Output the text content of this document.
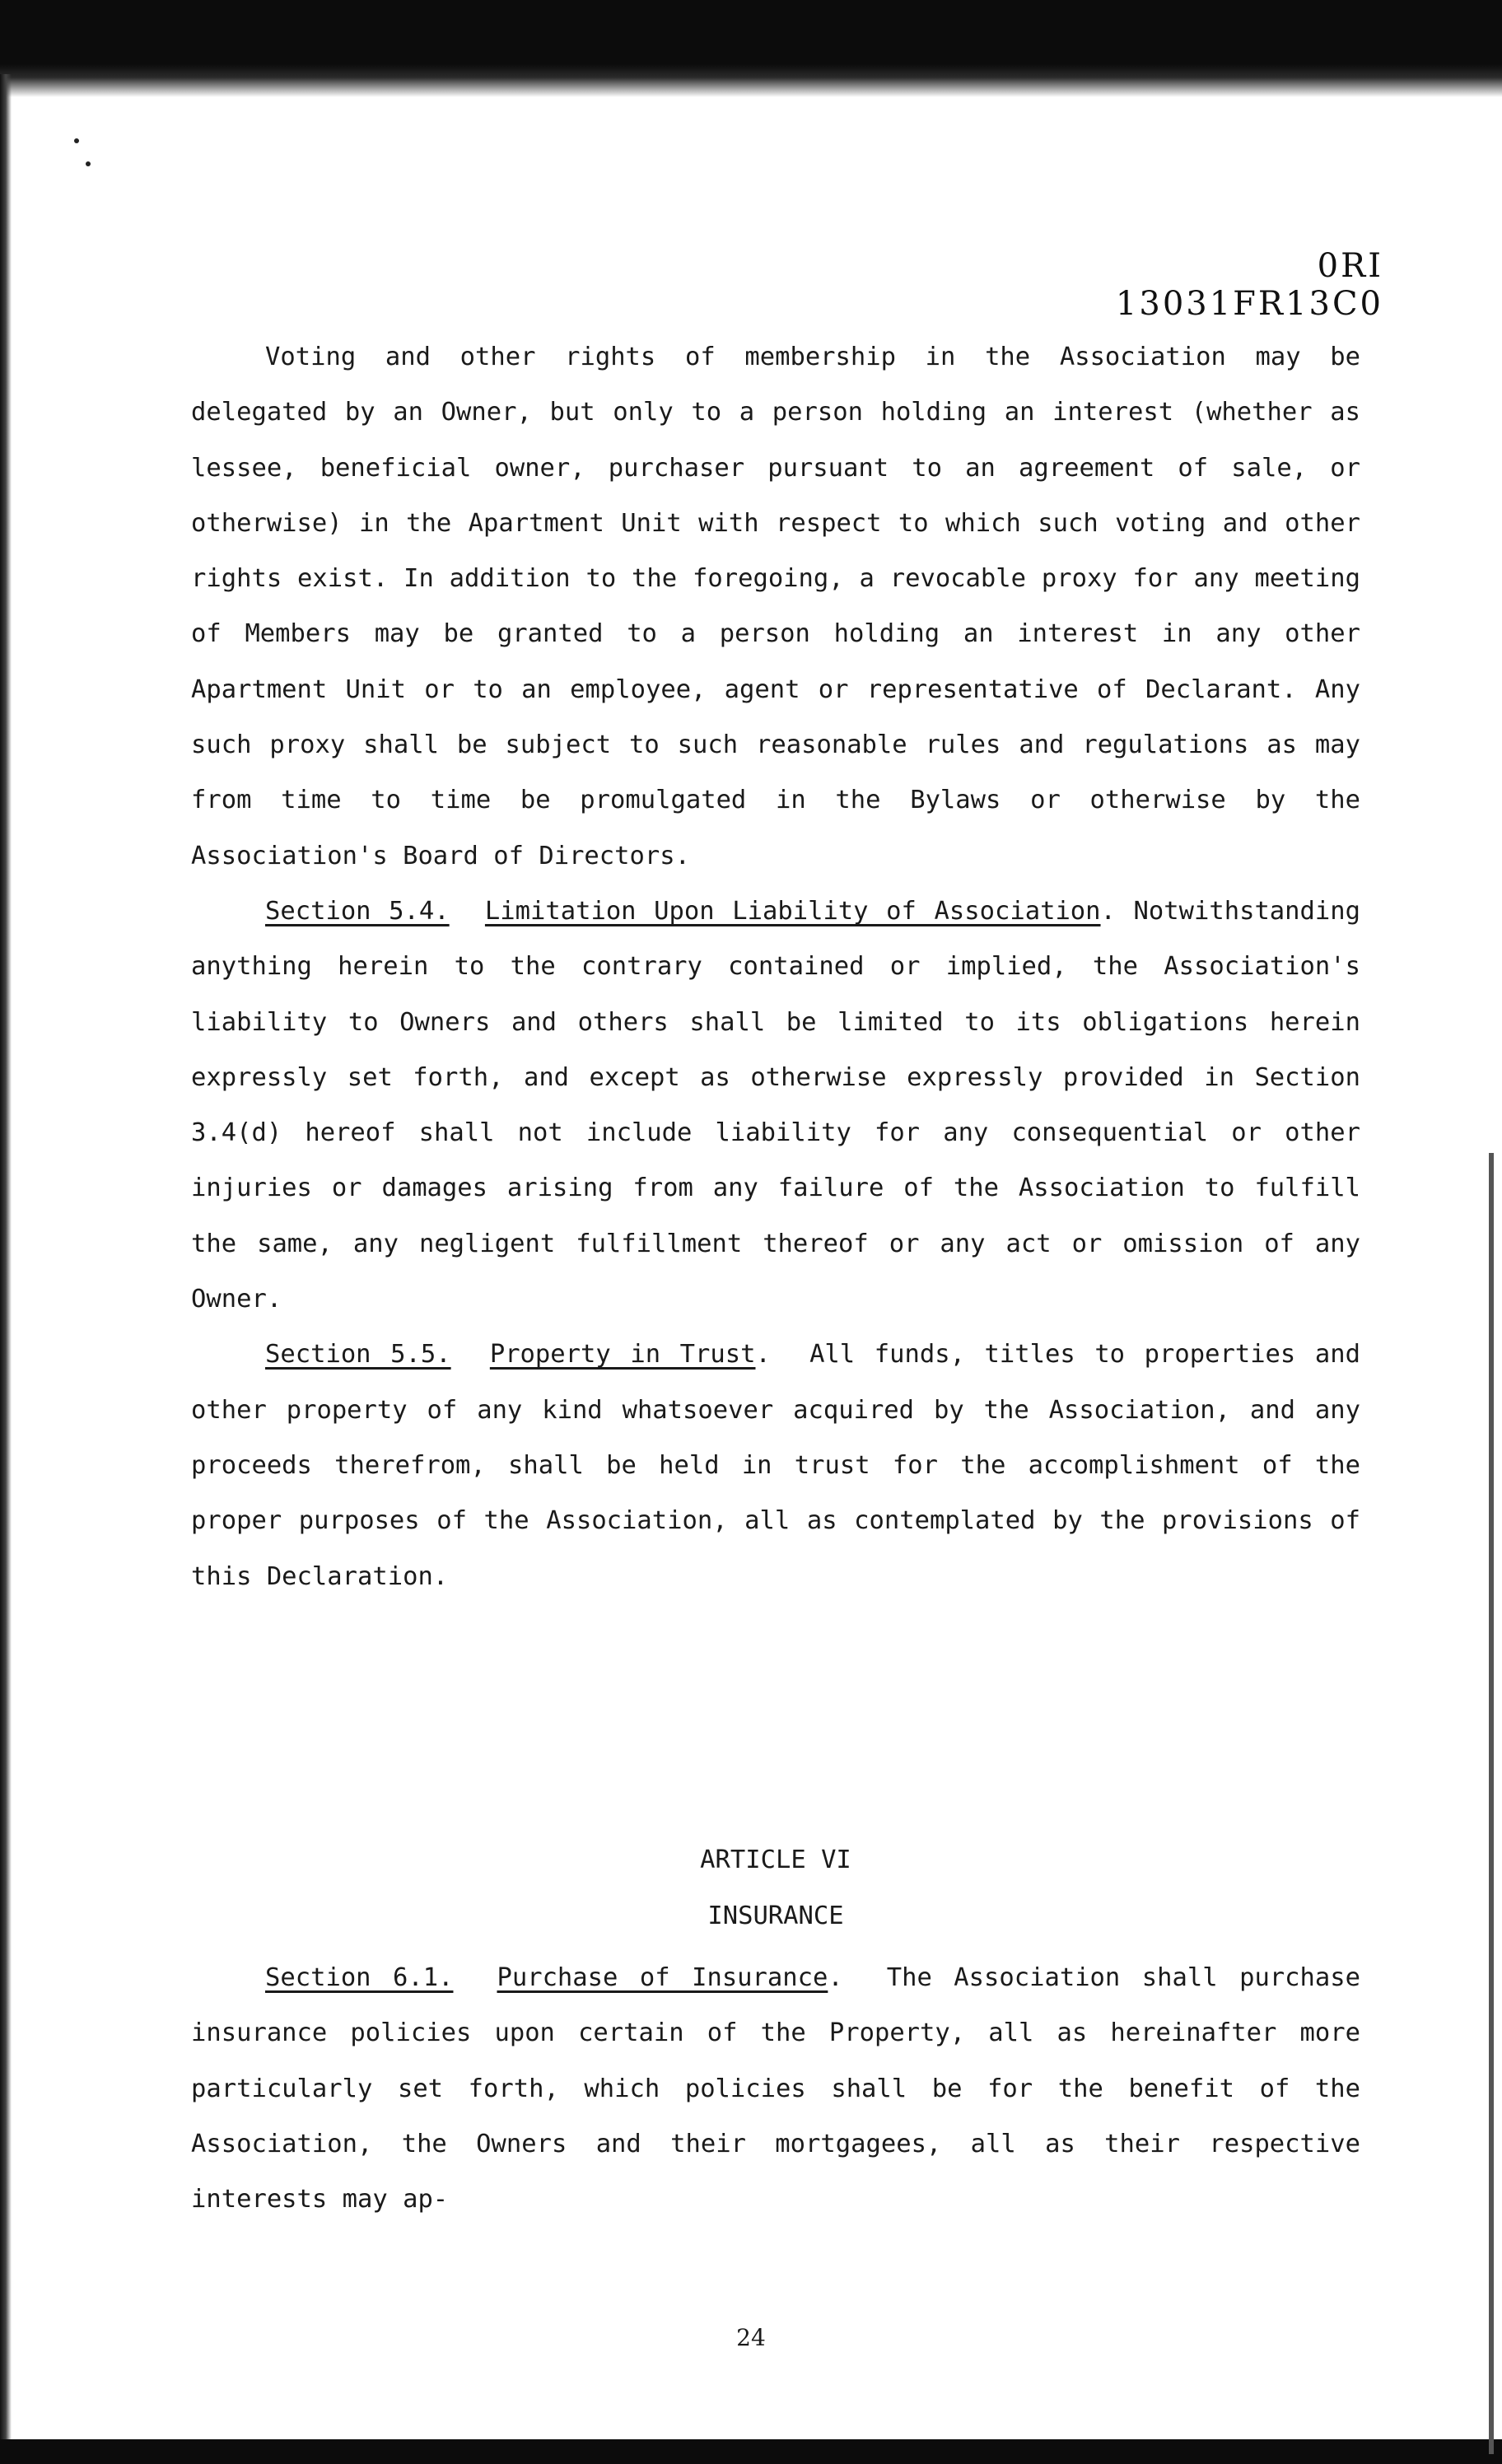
0RI 13031FR13C0

Voting and other rights of membership in the Association may be delegated by an Owner, but only to a person holding an interest (whether as lessee, beneficial owner, purchaser pursuant to an agreement of sale, or otherwise) in the Apartment Unit with respect to which such voting and other rights exist. In addition to the foregoing, a revocable proxy for any meeting of Members may be granted to a person holding an interest in any other Apartment Unit or to an employee, agent or representative of Declarant. Any such proxy shall be subject to such reasonable rules and regulations as may from time to time be promulgated in the Bylaws or otherwise by the Association's Board of Directors.

Section 5.4. Limitation Upon Liability of Association. Notwithstanding anything herein to the contrary contained or implied, the Association's liability to Owners and others shall be limited to its obligations herein expressly set forth, and except as otherwise expressly provided in Section 3.4(d) hereof shall not include liability for any consequential or other injuries or damages arising from any failure of the Association to fulfill the same, any negligent fulfillment thereof or any act or omission of any Owner.

Section 5.5. Property in Trust.  All funds, titles to properties and other property of any kind whatsoever acquired by the Association, and any proceeds therefrom, shall be held in trust for the accomplishment of the proper purposes of the Association, all as contemplated by the provisions of this Declaration.

ARTICLE VI
INSURANCE

Section 6.1. Purchase of Insurance.  The Association shall purchase insurance policies upon certain of the Property, all as hereinafter more particularly set forth, which policies shall be for the benefit of the Association, the Owners and their mortgagees, all as their respective interests may ap-

24
